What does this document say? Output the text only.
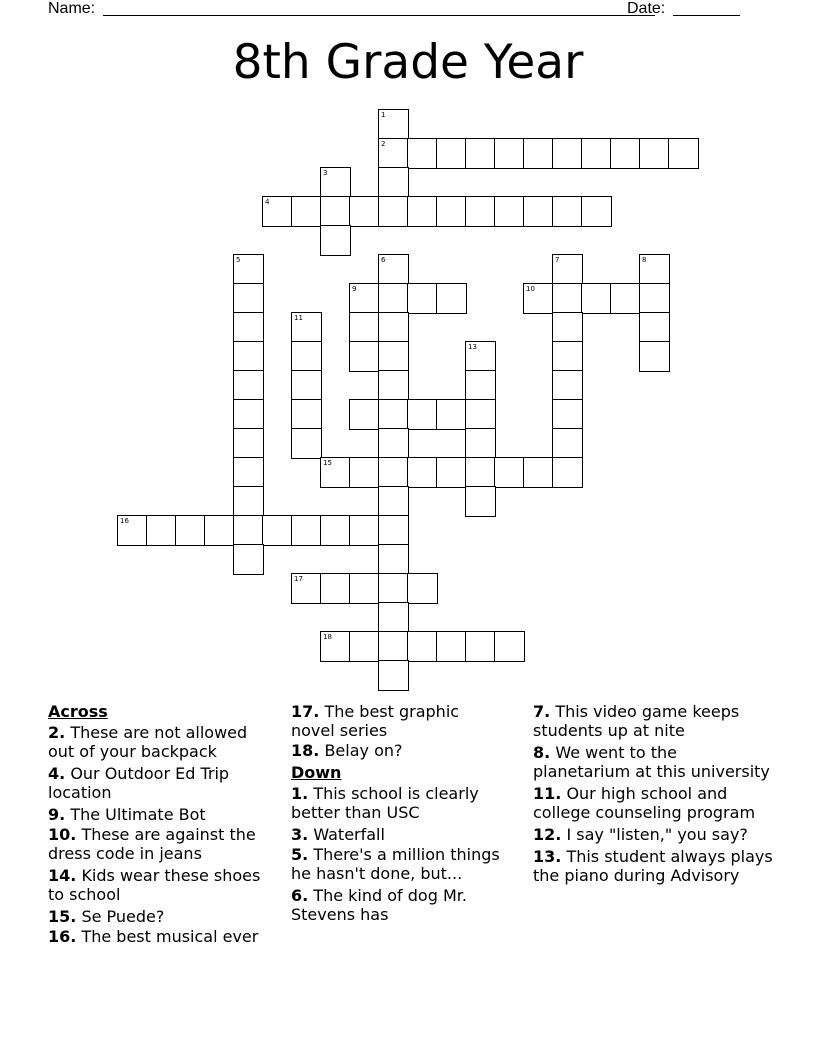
Name:	Date:
8th Grade Year
1
2
3
4
5	6	7	8
9	10
11
13
15
16
17
18
Across
2. These are not allowed out of your backpack
4. Our Outdoor Ed Trip location
9. The Ultimate Bot
10. These are against the dress code in jeans
14. Kids wear these shoes to school
15. Se Puede?
16. The best musical ever
17. The best graphic novel series
18. Belay on?
Down
1. This school is clearly better than USC
3. Waterfall
5. There's a million things he hasn't done, but...
6. The kind of dog Mr. Stevens has
7. This video game keeps students up at nite
8. We went to the planetarium at this university
11. Our high school and college counseling program
12. I say "listen," you say?
13. This student always plays the piano during Advisory
